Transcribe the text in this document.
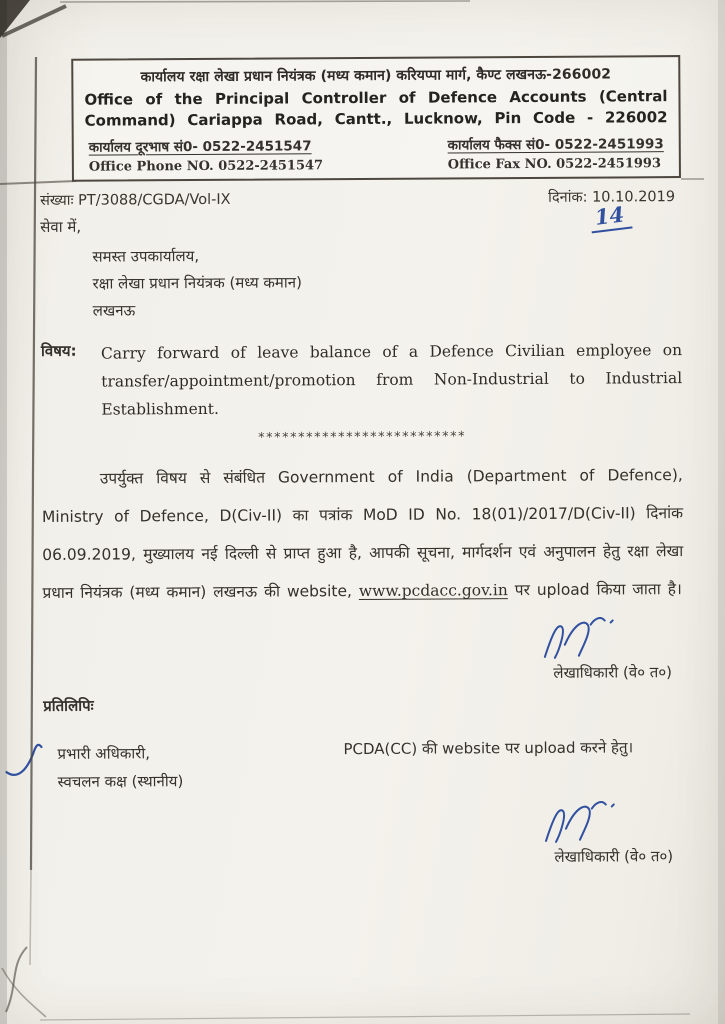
कार्यालय रक्षा लेखा प्रधान नियंत्रक (मध्य कमान) करियप्पा मार्ग, कैण्ट लखनऊ-266002
Office of the Principal Controller of Defence Accounts (Central Command) Cariappa Road, Cantt., Lucknow, Pin Code - 226002
कार्यालय दूरभाष सं0- 0522-2451547
Office Phone NO. 0522-2451547
कार्यालय फैक्स सं0- 0522-2451993
Office Fax NO. 0522-2451993
संख्याः PT/3088/CGDA/Vol-IX	दिनांक: 10.10.2019
सेवा में,
समस्त उपकार्यालय,
रक्षा लेखा प्रधान नियंत्रक (मध्य कमान)
लखनऊ
विषय:	Carry forward of leave balance of a Defence Civilian employee on transfer/appointment/promotion from Non-Industrial to Industrial Establishment.
**************************

उपर्युक्त विषय से संबंधित Government of India (Department of Defence), Ministry of Defence, D(Civ-II) का पत्रांक MoD ID No. 18(01)/2017/D(Civ-II) दिनांक 06.09.2019, मुख्यालय नई दिल्ली से प्राप्त हुआ है, आपकी सूचना, मार्गदर्शन एवं अनुपालन हेतु रक्षा लेखा प्रधान नियंत्रक (मध्य कमान) लखनऊ की website, www.pcdacc.gov.in पर upload किया जाता है।

लेखाधिकारी (वे० त०)
प्रतिलिपिः
प्रभारी अधिकारी,
स्वचलन कक्ष (स्थानीय)
PCDA(CC) की website पर upload करने हेतु।
लेखाधिकारी (वे० त०)
14
